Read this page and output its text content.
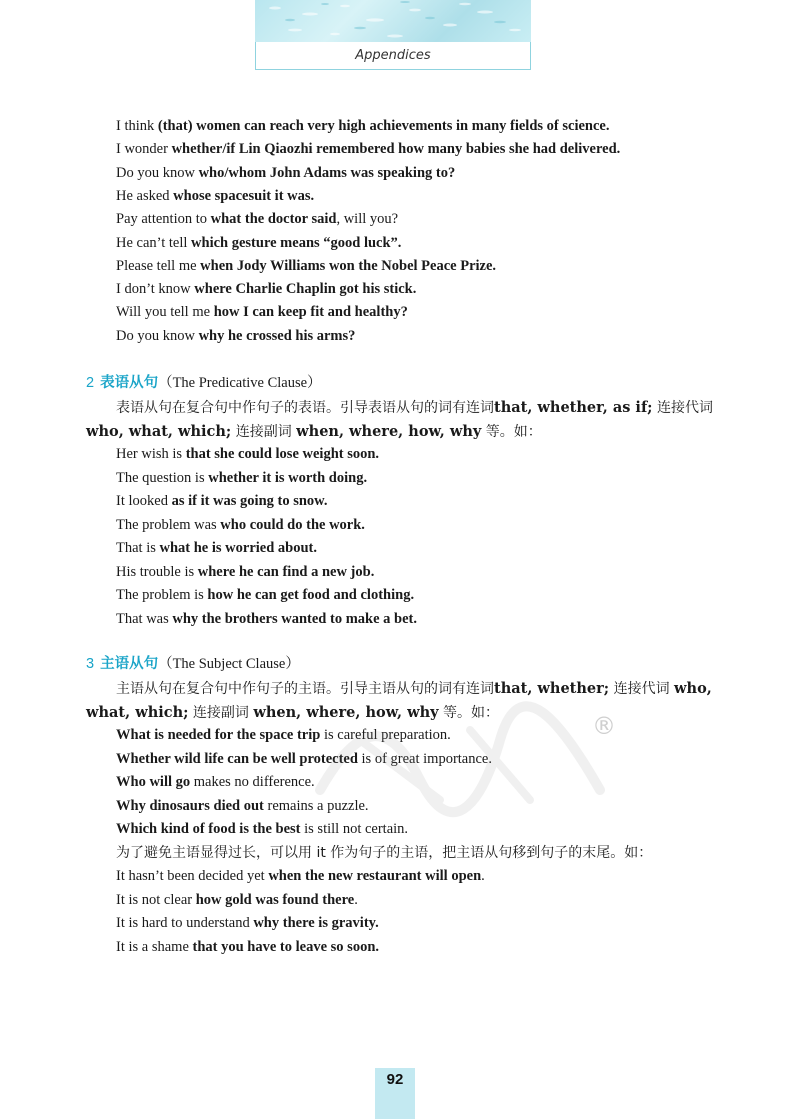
Appendices
I think (that) women can reach very high achievements in many fields of science.
I wonder whether/if Lin Qiaozhi remembered how many babies she had delivered.
Do you know who/whom John Adams was speaking to?
He asked whose spacesuit it was.
Pay attention to what the doctor said, will you?
He can’t tell which gesture means “good luck”.
Please tell me when Jody Williams won the Nobel Peace Prize.
I don’t know where Charlie Chaplin got his stick.
Will you tell me how I can keep fit and healthy?
Do you know why he crossed his arms?
2 表语从句（The Predicative Clause）
表语从句在复合句中作句子的表语。引导表语从句的词有连词that, whether, as if; 连接代词 who, what, which; 连接副词 when, where, how, why 等。如：
Her wish is that she could lose weight soon.
The question is whether it is worth doing.
It looked as if it was going to snow.
The problem was who could do the work.
That is what he is worried about.
His trouble is where he can find a new job.
The problem is how he can get food and clothing.
That was why the brothers wanted to make a bet.
3 主语从句（The Subject Clause）
主语从句在复合句中作句子的主语。引导主语从句的词有连词that, whether; 连接代词 who, what, which; 连接副词 when, where, how, why 等。如：
What is needed for the space trip is careful preparation.
Whether wild life can be well protected is of great importance.
Who will go makes no difference.
Why dinosaurs died out remains a puzzle.
Which kind of food is the best is still not certain.
为了避免主语显得过长，可以用 it 作为句子的主语，把主语从句移到句子的末尾。如：
It hasn’t been decided yet when the new restaurant will open.
It is not clear how gold was found there.
It is hard to understand why there is gravity.
It is a shame that you have to leave so soon.
®
92
